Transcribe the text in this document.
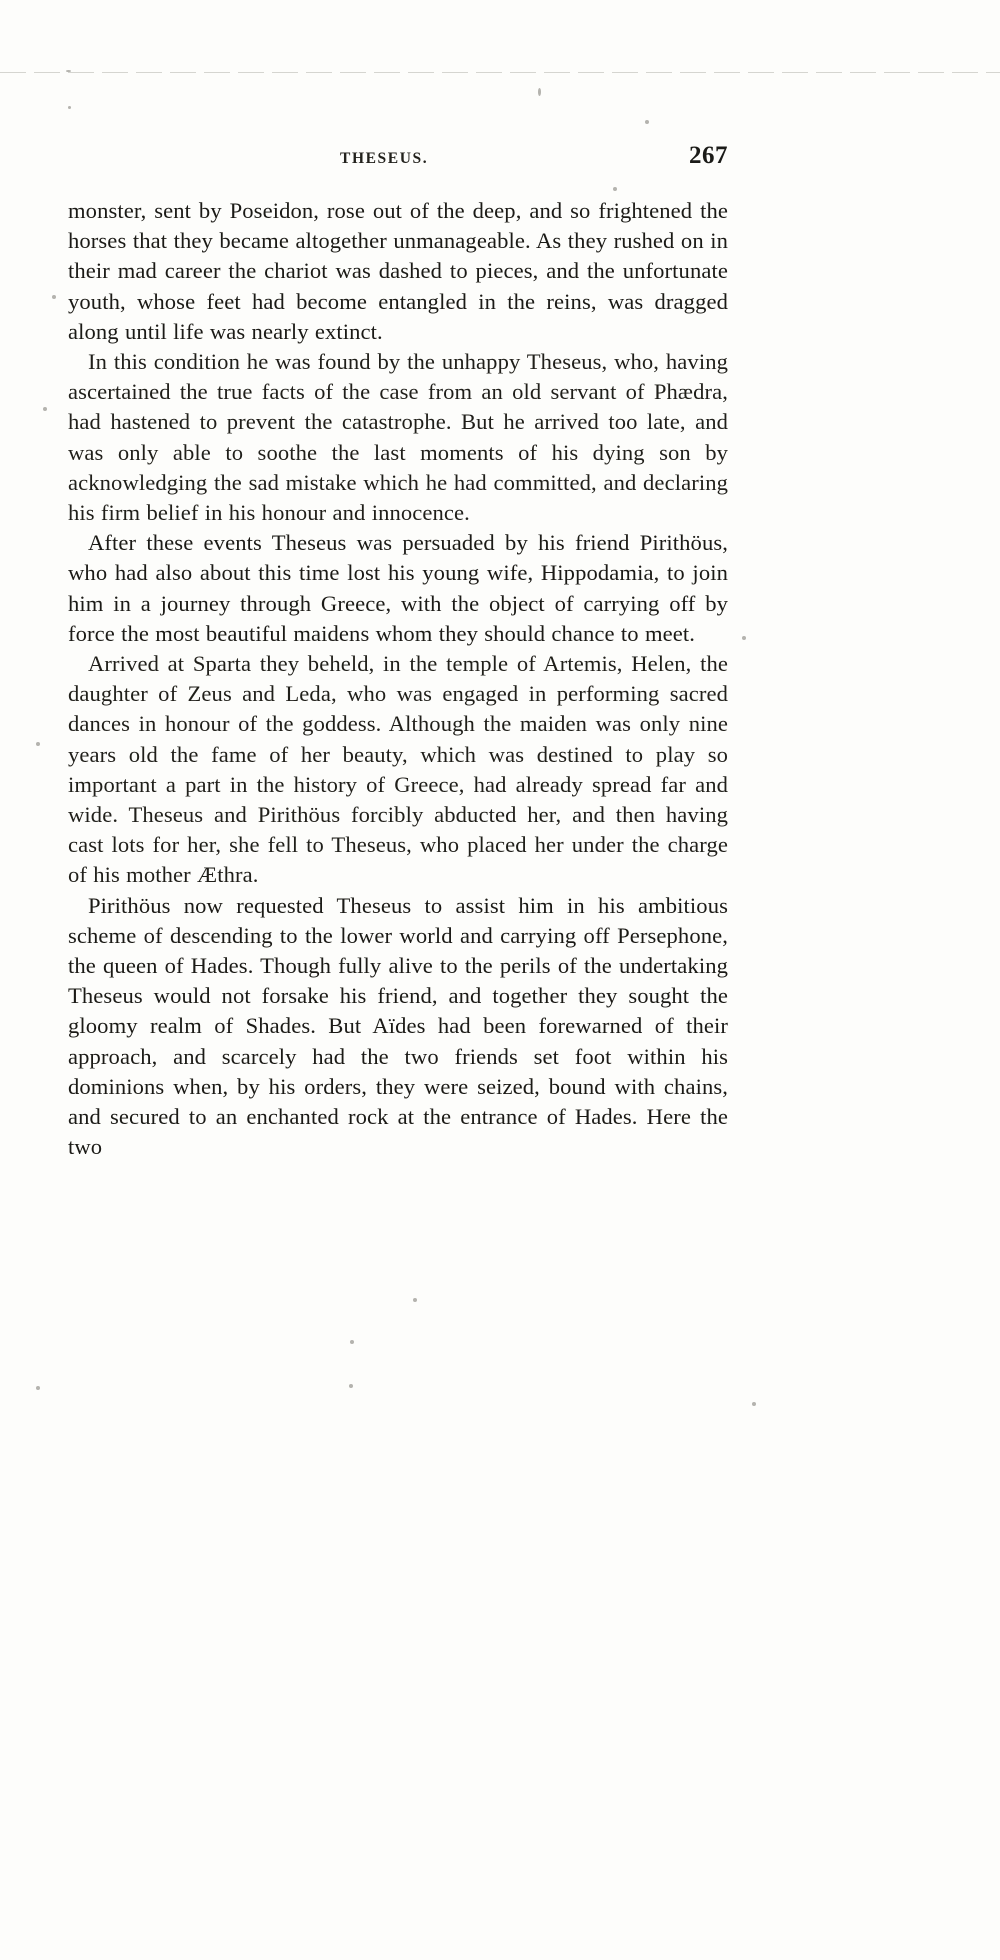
THESEUS.	267

monster, sent by Poseidon, rose out of the deep, and so frightened the horses that they became altogether unmanageable. As they rushed on in their mad career the chariot was dashed to pieces, and the unfortunate youth, whose feet had become entangled in the reins, was dragged along until life was nearly extinct.

In this condition he was found by the unhappy Theseus, who, having ascertained the true facts of the case from an old servant of Phædra, had hastened to prevent the catastrophe. But he arrived too late, and was only able to soothe the last moments of his dying son by acknowledging the sad mistake which he had committed, and declaring his firm belief in his honour and innocence.

After these events Theseus was persuaded by his friend Pirithöus, who had also about this time lost his young wife, Hippodamia, to join him in a journey through Greece, with the object of carrying off by force the most beautiful maidens whom they should chance to meet.

Arrived at Sparta they beheld, in the temple of Artemis, Helen, the daughter of Zeus and Leda, who was engaged in performing sacred dances in honour of the goddess. Although the maiden was only nine years old the fame of her beauty, which was destined to play so important a part in the history of Greece, had already spread far and wide. Theseus and Pirithöus forcibly abducted her, and then having cast lots for her, she fell to Theseus, who placed her under the charge of his mother Æthra.

Pirithöus now requested Theseus to assist him in his ambitious scheme of descending to the lower world and carrying off Persephone, the queen of Hades. Though fully alive to the perils of the undertaking Theseus would not forsake his friend, and together they sought the gloomy realm of Shades. But Aïdes had been forewarned of their approach, and scarcely had the two friends set foot within his dominions when, by his orders, they were seized, bound with chains, and secured to an enchanted rock at the entrance of Hades. Here the two
